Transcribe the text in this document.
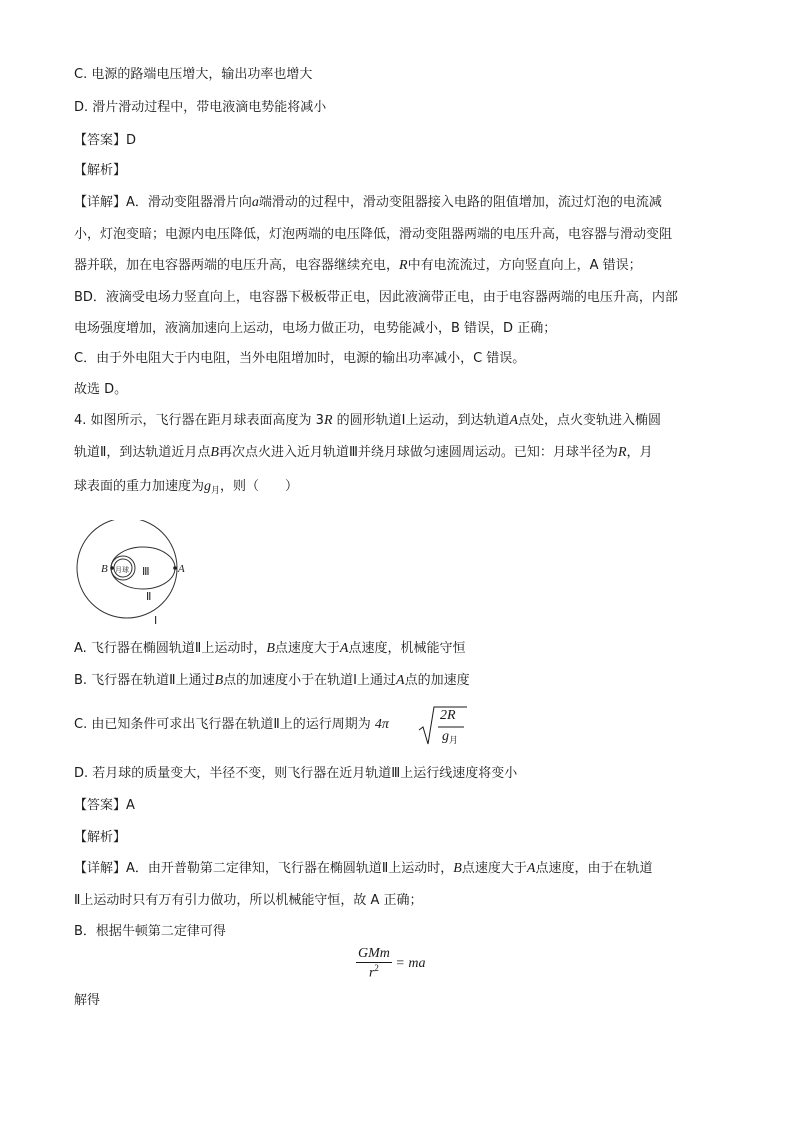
C. 电源的路端电压增大，输出功率也增大
D. 滑片滑动过程中，带电液滴电势能将减小
【答案】D
【解析】
【详解】A．滑动变阻器滑片向a端滑动的过程中，滑动变阻器接入电路的阻值增加，流过灯泡的电流减
小，灯泡变暗；电源内电压降低，灯泡两端的电压降低，滑动变阻器两端的电压升高，电容器与滑动变阻
器并联，加在电容器两端的电压升高，电容器继续充电，R中有电流流过，方向竖直向上，A 错误；
BD．液滴受电场力竖直向上，电容器下极板带正电，因此液滴带正电，由于电容器两端的电压升高，内部
电场强度增加，液滴加速向上运动，电场力做正功，电势能减小，B 错误，D 正确；
C．由于外电阻大于内电阻，当外电阻增加时，电源的输出功率减小，C 错误。
故选 D。
4. 如图所示，飞行器在距月球表面高度为 3R 的圆形轨道Ⅰ上运动，到达轨道A点处，点火变轨进入椭圆
轨道Ⅱ，到达轨道近月点B再次点火进入近月轨道Ⅲ并绕月球做匀速圆周运动。已知：月球半径为R，月
球表面的重力加速度为$g_月$，则（　　）
B 月球 Ⅲ	A
Ⅱ
Ⅰ
A. 飞行器在椭圆轨道Ⅱ上运动时，B点速度大于A点速度，机械能守恒
B. 飞行器在轨道Ⅱ上通过B点的加速度小于在轨道Ⅰ上通过A点的加速度
C. 由已知条件可求出飞行器在轨道Ⅱ上的运行周期为 4π
2R
$g_月$
D. 若月球的质量变大，半径不变，则飞行器在近月轨道Ⅲ上运行线速度将变小
【答案】A
【解析】
【详解】A．由开普勒第二定律知，飞行器在椭圆轨道Ⅱ上运动时，B点速度大于A点速度，由于在轨道
Ⅱ上运动时只有万有引力做功，所以机械能守恒，故 A 正确；
B．根据牛顿第二定律可得
$\frac{\text{GMm}}{r^2}$ = ma
解得
